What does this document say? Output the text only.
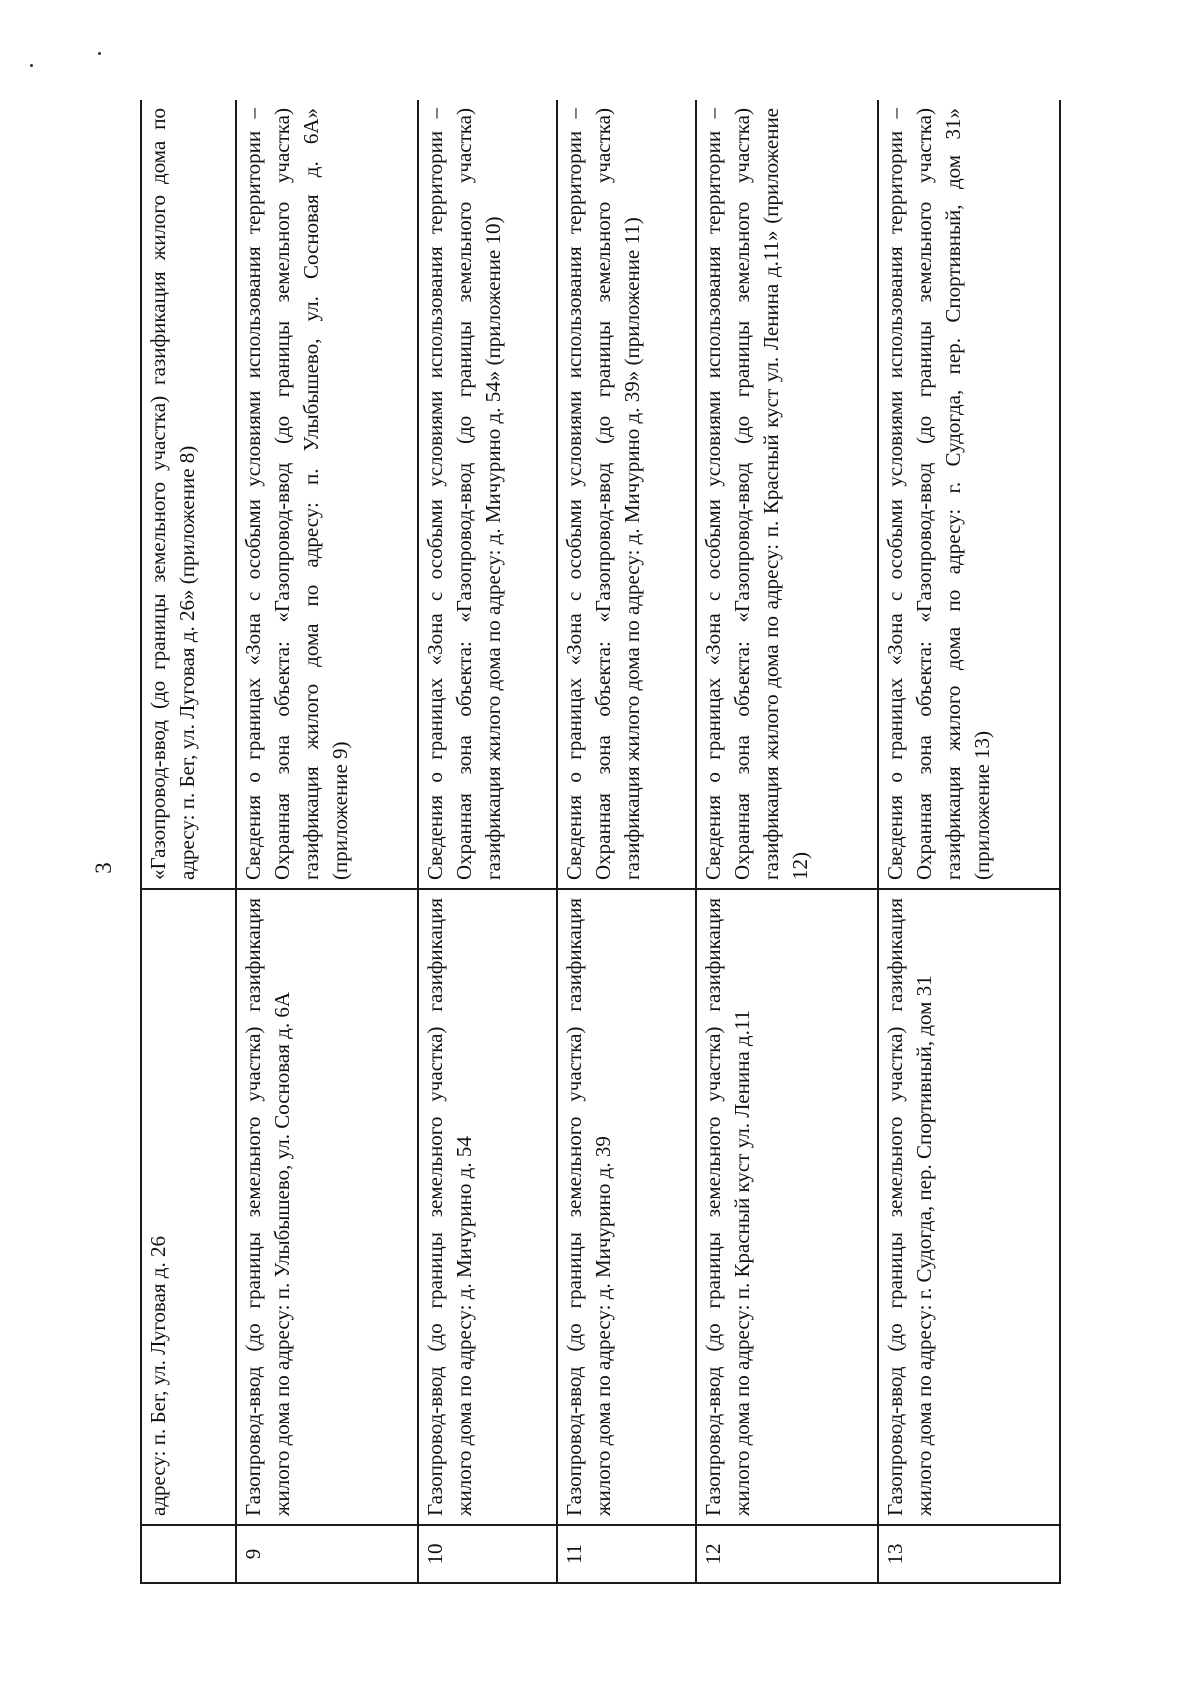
3
	адресу: п. Бег, ул. Луговая д. 26	«Газопровод-ввод (до границы земельного участка) газификация жилого дома по адресу: п. Бег, ул. Луговая д. 26» (приложение 8)
9	Газопровод-ввод (до границы земельного участка) газификация жилого дома по адресу: п. Улыбышево, ул. Сосновая д. 6А	Сведения о границах «Зона с особыми условиями использования территории – Охранная зона объекта: «Газопровод-ввод (до границы земельного участка) газификация жилого дома по адресу: п. Улыбышево, ул. Сосновая д. 6А» (приложение 9)
10	Газопровод-ввод (до границы земельного участка) газификация жилого дома по адресу: д. Мичурино д. 54	Сведения о границах «Зона с особыми условиями использования территории – Охранная зона объекта: «Газопровод-ввод (до границы земельного участка) газификация жилого дома по адресу: д. Мичурино д. 54» (приложение 10)
11	Газопровод-ввод (до границы земельного участка) газификация жилого дома по адресу: д. Мичурино д. 39	Сведения о границах «Зона с особыми условиями использования территории – Охранная зона объекта: «Газопровод-ввод (до границы земельного участка) газификация жилого дома по адресу: д. Мичурино д. 39» (приложение 11)
12	Газопровод-ввод (до границы земельного участка) газификация жилого дома по адресу: п. Красный куст ул. Ленина д.11	Сведения о границах «Зона с особыми условиями использования территории – Охранная зона объекта: «Газопровод-ввод (до границы земельного участка) газификация жилого дома по адресу: п. Красный куст ул. Ленина д.11» (приложение 12)
13	Газопровод-ввод (до границы земельного участка) газификация жилого дома по адресу: г. Судогда, пер. Спортивный, дом 31	Сведения о границах «Зона с особыми условиями использования территории – Охранная зона объекта: «Газопровод-ввод (до границы земельного участка) газификация жилого дома по адресу: г. Судогда, пер. Спортивный, дом 31» (приложение 13)
